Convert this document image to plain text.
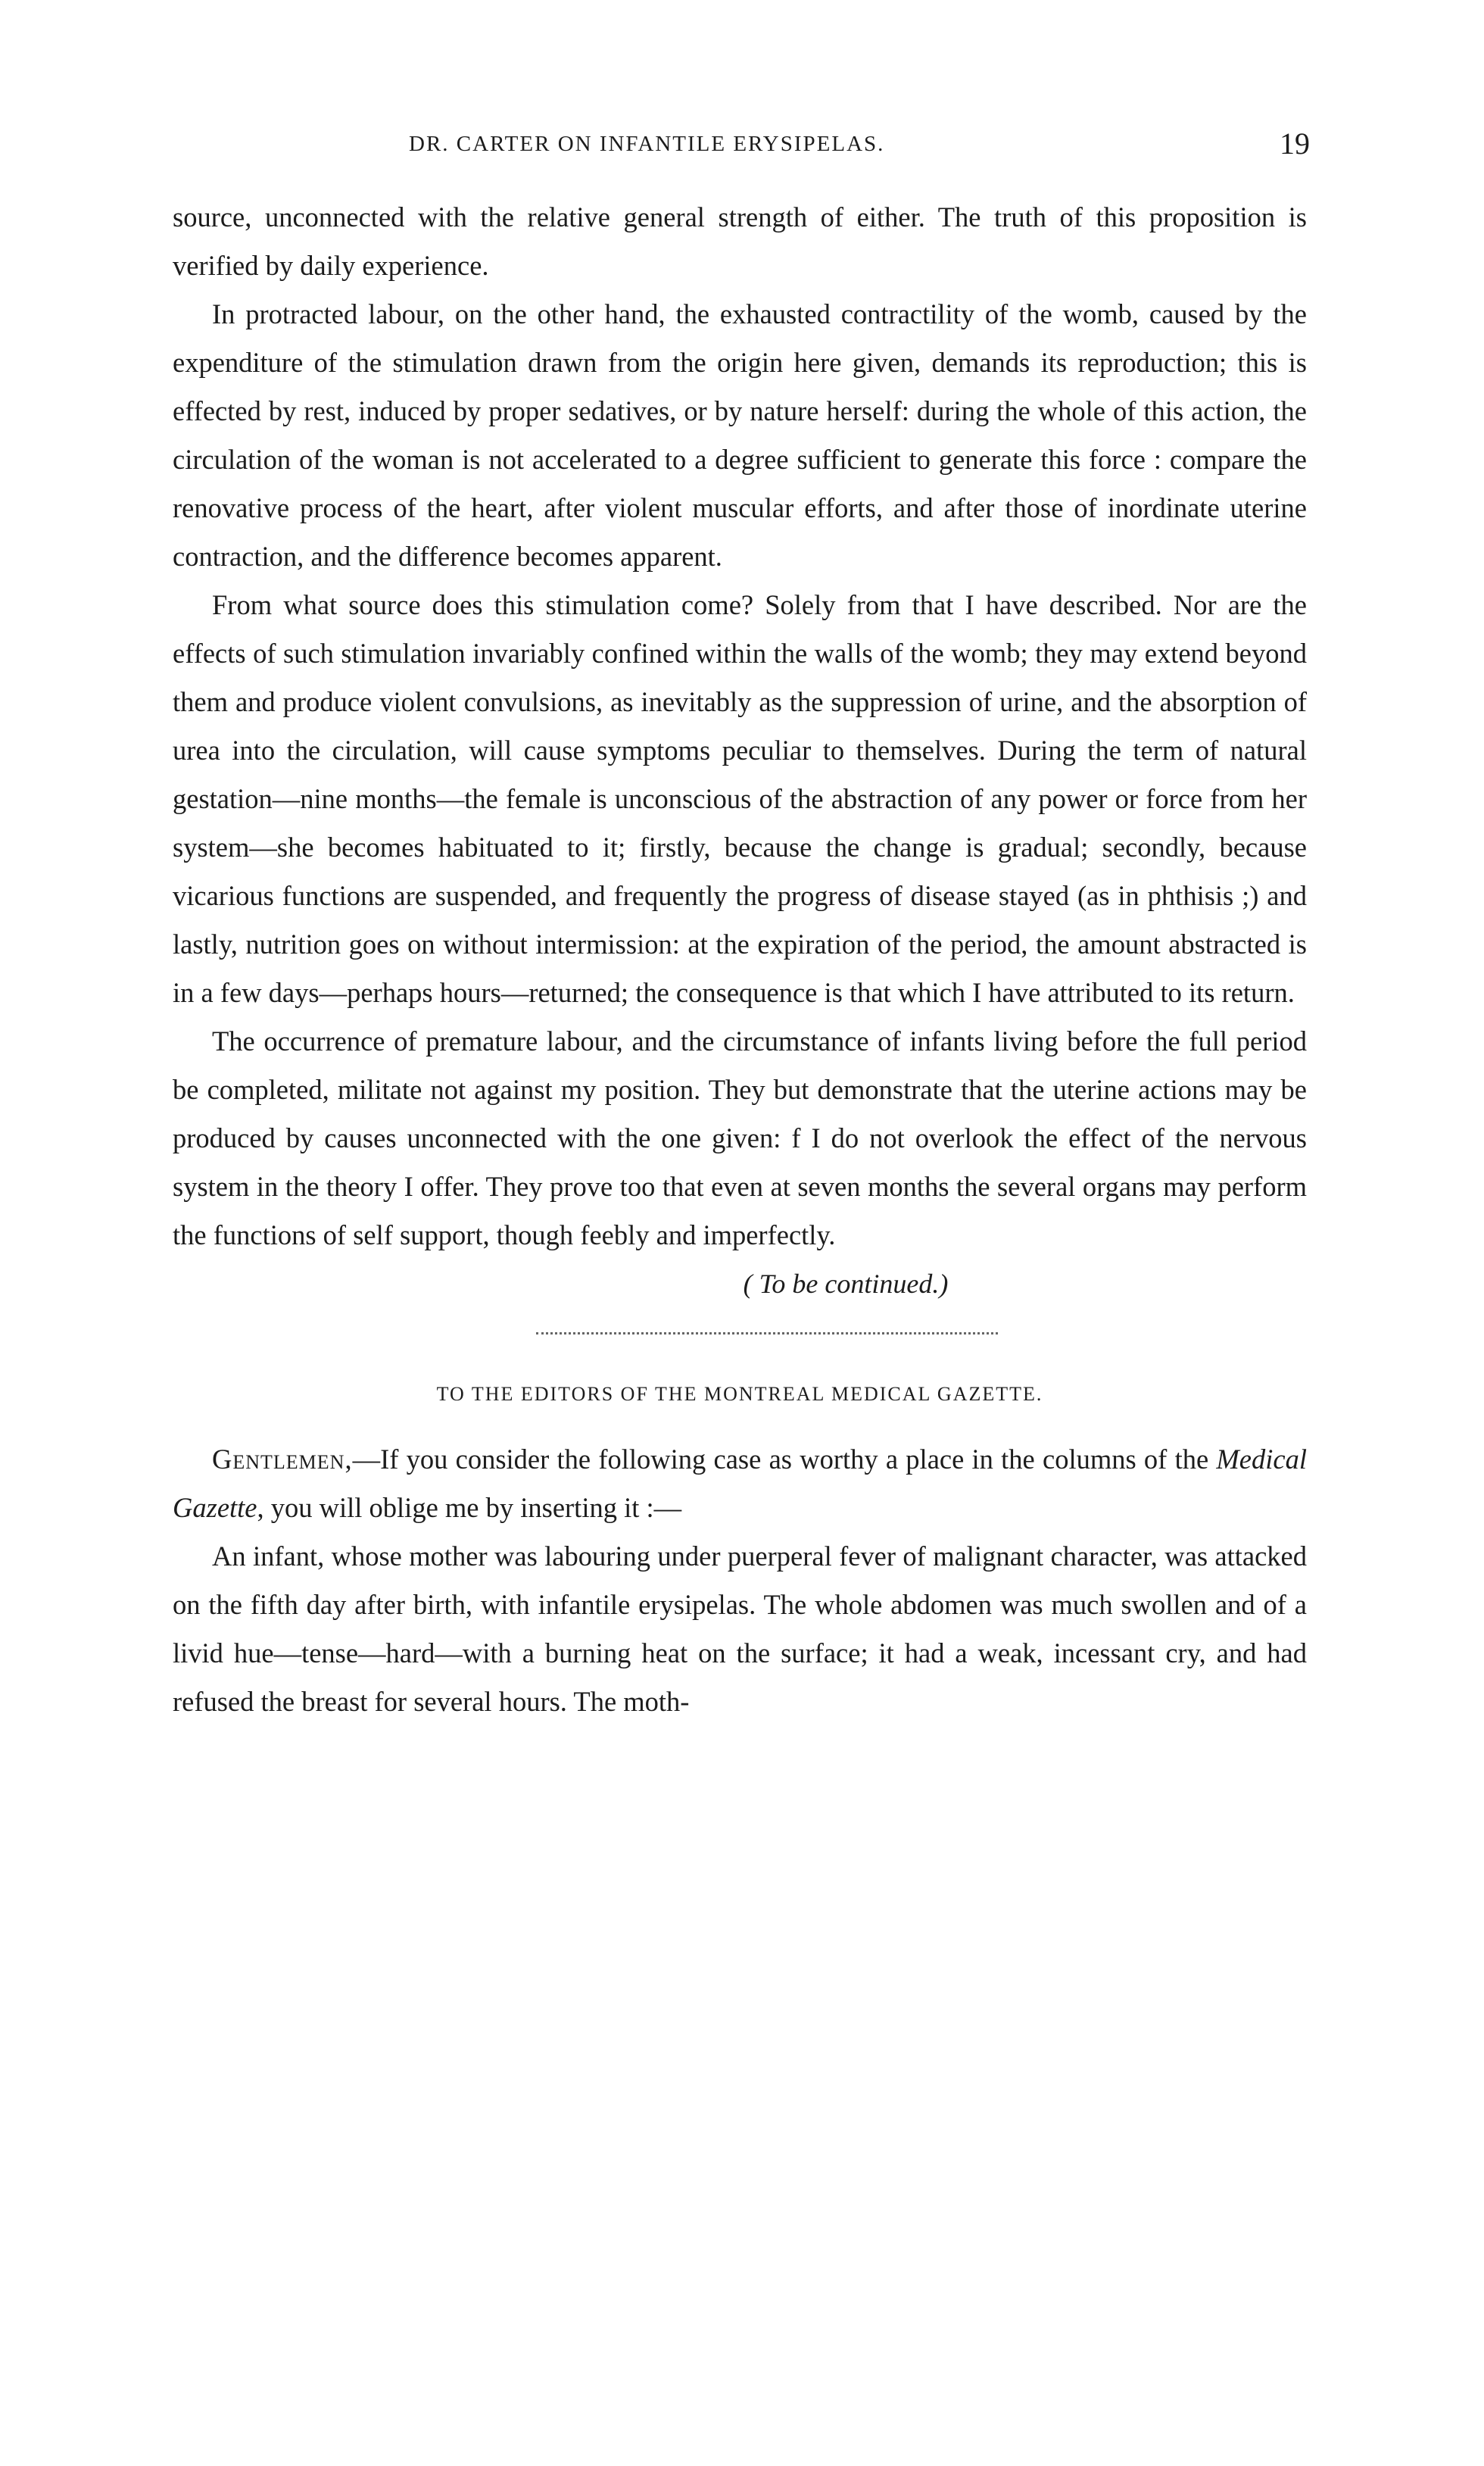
DR. CARTER ON INFANTILE ERYSIPELAS.	19

source, unconnected with the relative general strength of either. The truth of this proposition is verified by daily experience.

In protracted labour, on the other hand, the exhausted contractility of the womb, caused by the expenditure of the stimulation drawn from the origin here given, demands its reproduction; this is effected by rest, induced by proper sedatives, or by nature herself: during the whole of this action, the circulation of the woman is not accelerated to a degree sufficient to generate this force : compare the renovative process of the heart, after violent muscular efforts, and after those of inordinate uterine contraction, and the difference becomes apparent.

From what source does this stimulation come? Solely from that I have described. Nor are the effects of such stimulation invariably confined within the walls of the womb; they may extend beyond them and produce violent convulsions, as inevitably as the suppression of urine, and the absorption of urea into the circulation, will cause symptoms peculiar to themselves. During the term of natural gestation—nine months—the female is unconscious of the abstraction of any power or force from her system—she becomes habituated to it; firstly, because the change is gradual; secondly, because vicarious functions are suspended, and frequently the progress of disease stayed (as in phthisis ;) and lastly, nutrition goes on without intermission: at the expiration of the period, the amount abstracted is in a few days—perhaps hours—returned; the consequence is that which I have attributed to its return.

The occurrence of premature labour, and the circumstance of infants living before the full period be completed, militate not against my position. They but demonstrate that the uterine actions may be produced by causes unconnected with the one given: f I do not overlook the effect of the nervous system in the theory I offer. They prove too that even at seven months the several organs may perform the functions of self support, though feebly and imperfectly.

( To be continued.)

TO THE EDITORS OF THE MONTREAL MEDICAL GAZETTE.

Gentlemen,—If you consider the following case as worthy a place in the columns of the Medical Gazette, you will oblige me by inserting it :—

An infant, whose mother was labouring under puerperal fever of malignant character, was attacked on the fifth day after birth, with infantile erysipelas. The whole abdomen was much swollen and of a livid hue—tense—hard—with a burning heat on the surface; it had a weak, incessant cry, and had refused the breast for several hours. The moth-
